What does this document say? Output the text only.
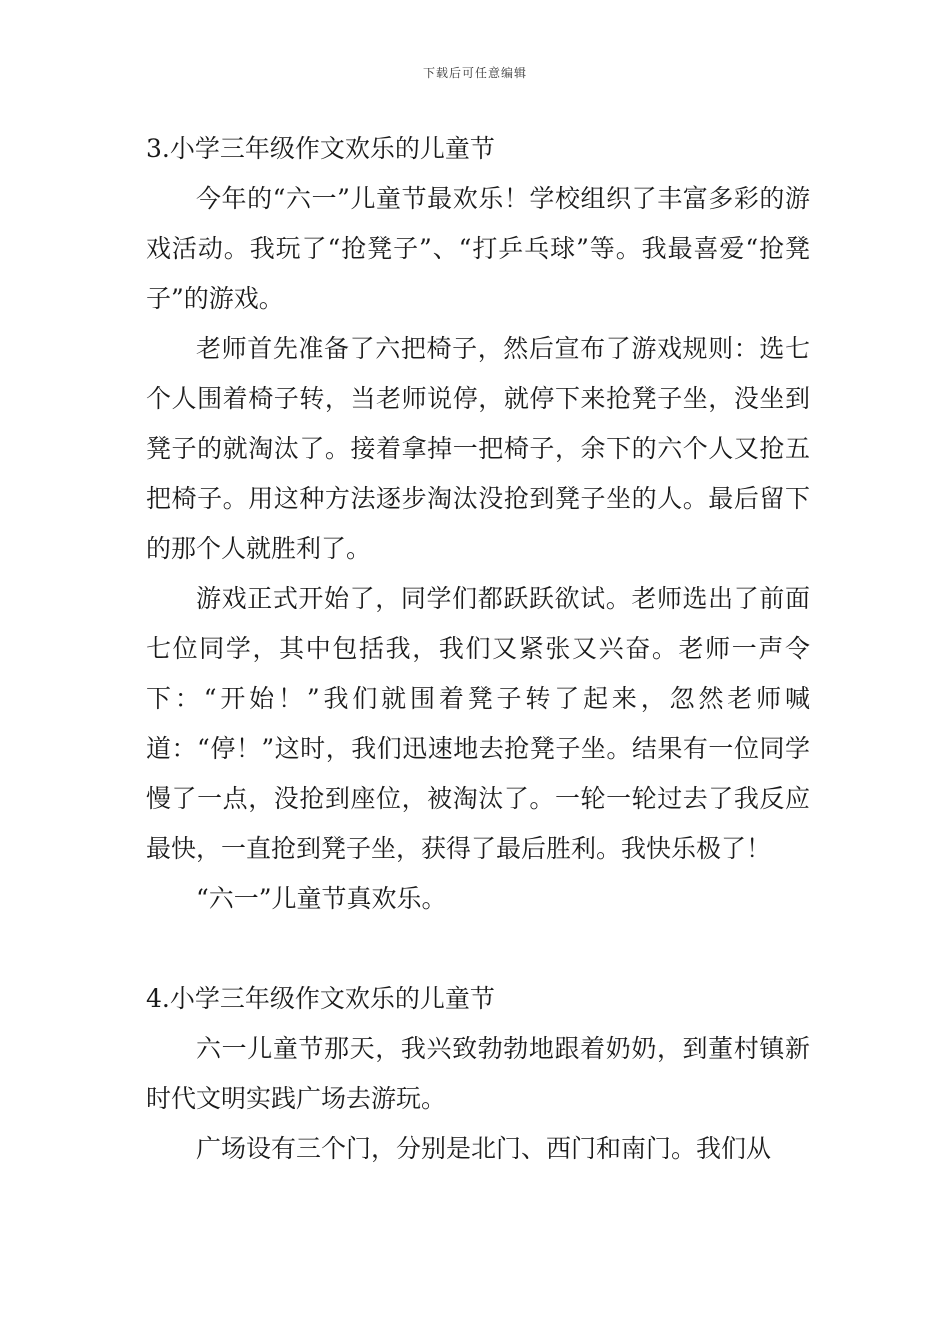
下载后可任意编辑
3.小学三年级作文欢乐的儿童节

今年的“六一”儿童节最欢乐！学校组织了丰富多彩的游戏活动。我玩了“抢凳子”、“打乒乓球”等。我最喜爱“抢凳子”的游戏。

老师首先准备了六把椅子，然后宣布了游戏规则：选七个人围着椅子转，当老师说停，就停下来抢凳子坐，没坐到凳子的就淘汰了。接着拿掉一把椅子，余下的六个人又抢五把椅子。用这种方法逐步淘汰没抢到凳子坐的人。最后留下的那个人就胜利了。

游戏正式开始了，同学们都跃跃欲试。老师选出了前面七位同学，其中包括我，我们又紧张又兴奋。老师一声令下：“开始！”我们就围着凳子转了起来，忽然老师喊道：“停！”这时，我们迅速地去抢凳子坐。结果有一位同学慢了一点，没抢到座位，被淘汰了。一轮一轮过去了我反应最快，一直抢到凳子坐，获得了最后胜利。我快乐极了！

“六一”儿童节真欢乐。

4.小学三年级作文欢乐的儿童节

六一儿童节那天，我兴致勃勃地跟着奶奶，到董村镇新时代文明实践广场去游玩。

广场设有三个门，分别是北门、西门和南门。我们从
